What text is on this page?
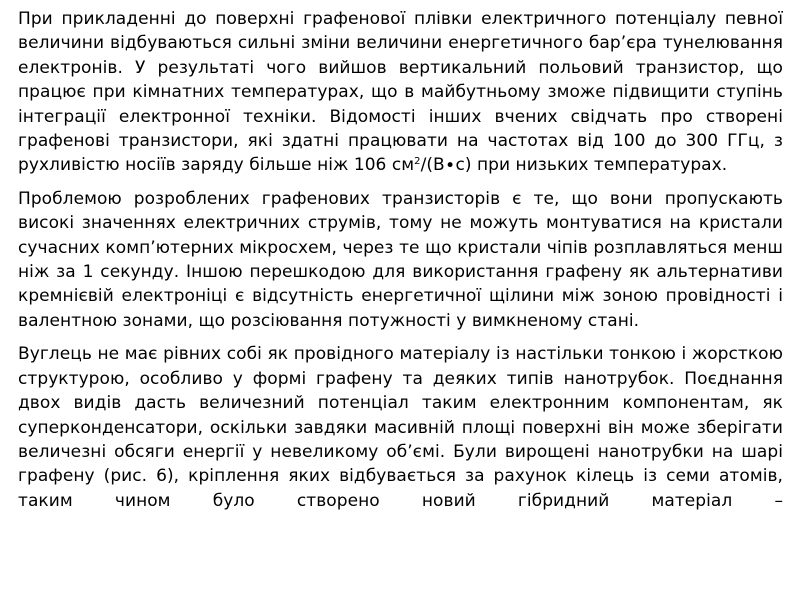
При прикладенні до поверхні графенової плівки електричного потенціалу певної величини відбуваються сильні зміни величини енергетичного бар’єра тунелювання електронів. У результаті чого вийшов вертикальний польовий транзистор, що працює при кімнатних температурах, що в майбутньому зможе підвищити ступінь інтеграції електронної техніки. Відомості інших вчених свідчать про створені графенові транзистори, які здатні працювати на частотах від 100 до 300 ГГц, з рухливістю носіїв заряду більше ніж 106 $см^2/(В\cdot с)$ при низьких температурах.

Проблемою розроблених графенових транзисторів є те, що вони пропускають високі значеннях електричних струмів, тому не можуть монтуватися на кристали сучасних комп’ютерних мікросхем, через те що кристали чіпів розплавляться менш ніж за 1 секунду. Іншою перешкодою для використання графену як альтернативи кремнієвій електроніці є відсутність енергетичної щілини між зоною провідності і валентною зонами, що розсіювання потужності у вимкненому стані.

Вуглець не має рівних собі як провідного матеріалу із настільки тонкою і жорсткою структурою, особливо у формі графену та деяких типів нанотрубок. Поєднання двох видів дасть величезний потенціал таким електронним компонентам, як суперконденсатори, оскільки завдяки масивній площі поверхні він може зберігати величезні обсяги енергії у невеликому об’ємі. Були вирощені нанотрубки на шарі графену (рис. 6), кріплення яких відбувається за рахунок кілець із семи атомів, таким чином було створено новий гібридний матеріал –
